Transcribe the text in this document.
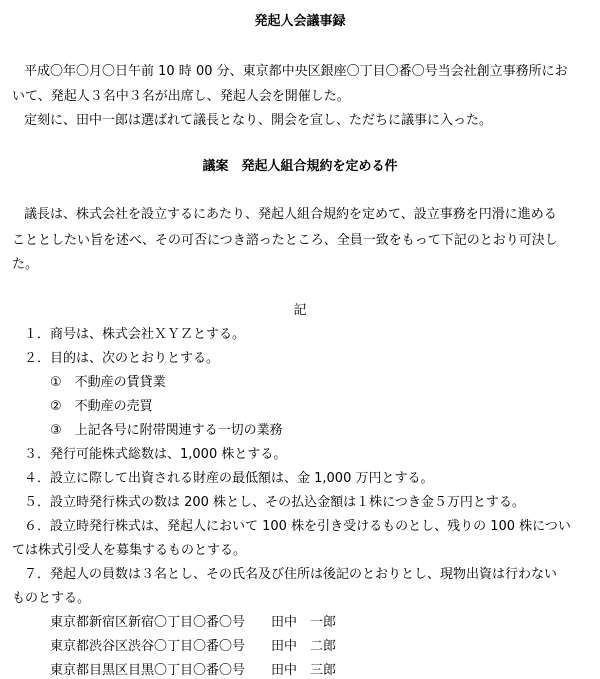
発起人会議事録
平成〇年〇月〇日午前 10 時 00 分、東京都中央区銀座〇丁目〇番〇号当会社創立事務所にお
いて、発起人３名中３名が出席し、発起人会を開催した。
定刻に、田中一郎は選ばれて議長となり、開会を宣し、ただちに議事に入った。
議案　発起人組合規約を定める件
議長は、株式会社を設立するにあたり、発起人組合規約を定めて、設立事務を円滑に進める
こととしたい旨を述べ、その可否につき諮ったところ、全員一致をもって下記のとおり可決し
た。
記
１．商号は、株式会社ＸＹＺとする。
２．目的は、次のとおりとする。
①　不動産の賃貸業
②　不動産の売買
③　上記各号に附帯関連する一切の業務
３．発行可能株式総数は、1,000 株とする。
４．設立に際して出資される財産の最低額は、金 1,000 万円とする。
５．設立時発行株式の数は 200 株とし、その払込金額は１株につき金５万円とする。
６．設立時発行株式は、発起人において 100 株を引き受けるものとし、残りの 100 株につい
ては株式引受人を募集するものとする。
７．発起人の員数は３名とし、その氏名及び住所は後記のとおりとし、現物出資は行わない
ものとする。
東京都新宿区新宿〇丁目〇番〇号 田中　一郎
東京都渋谷区渋谷〇丁目〇番〇号 田中　二郎
東京都目黒区目黒〇丁目〇番〇号 田中　三郎
